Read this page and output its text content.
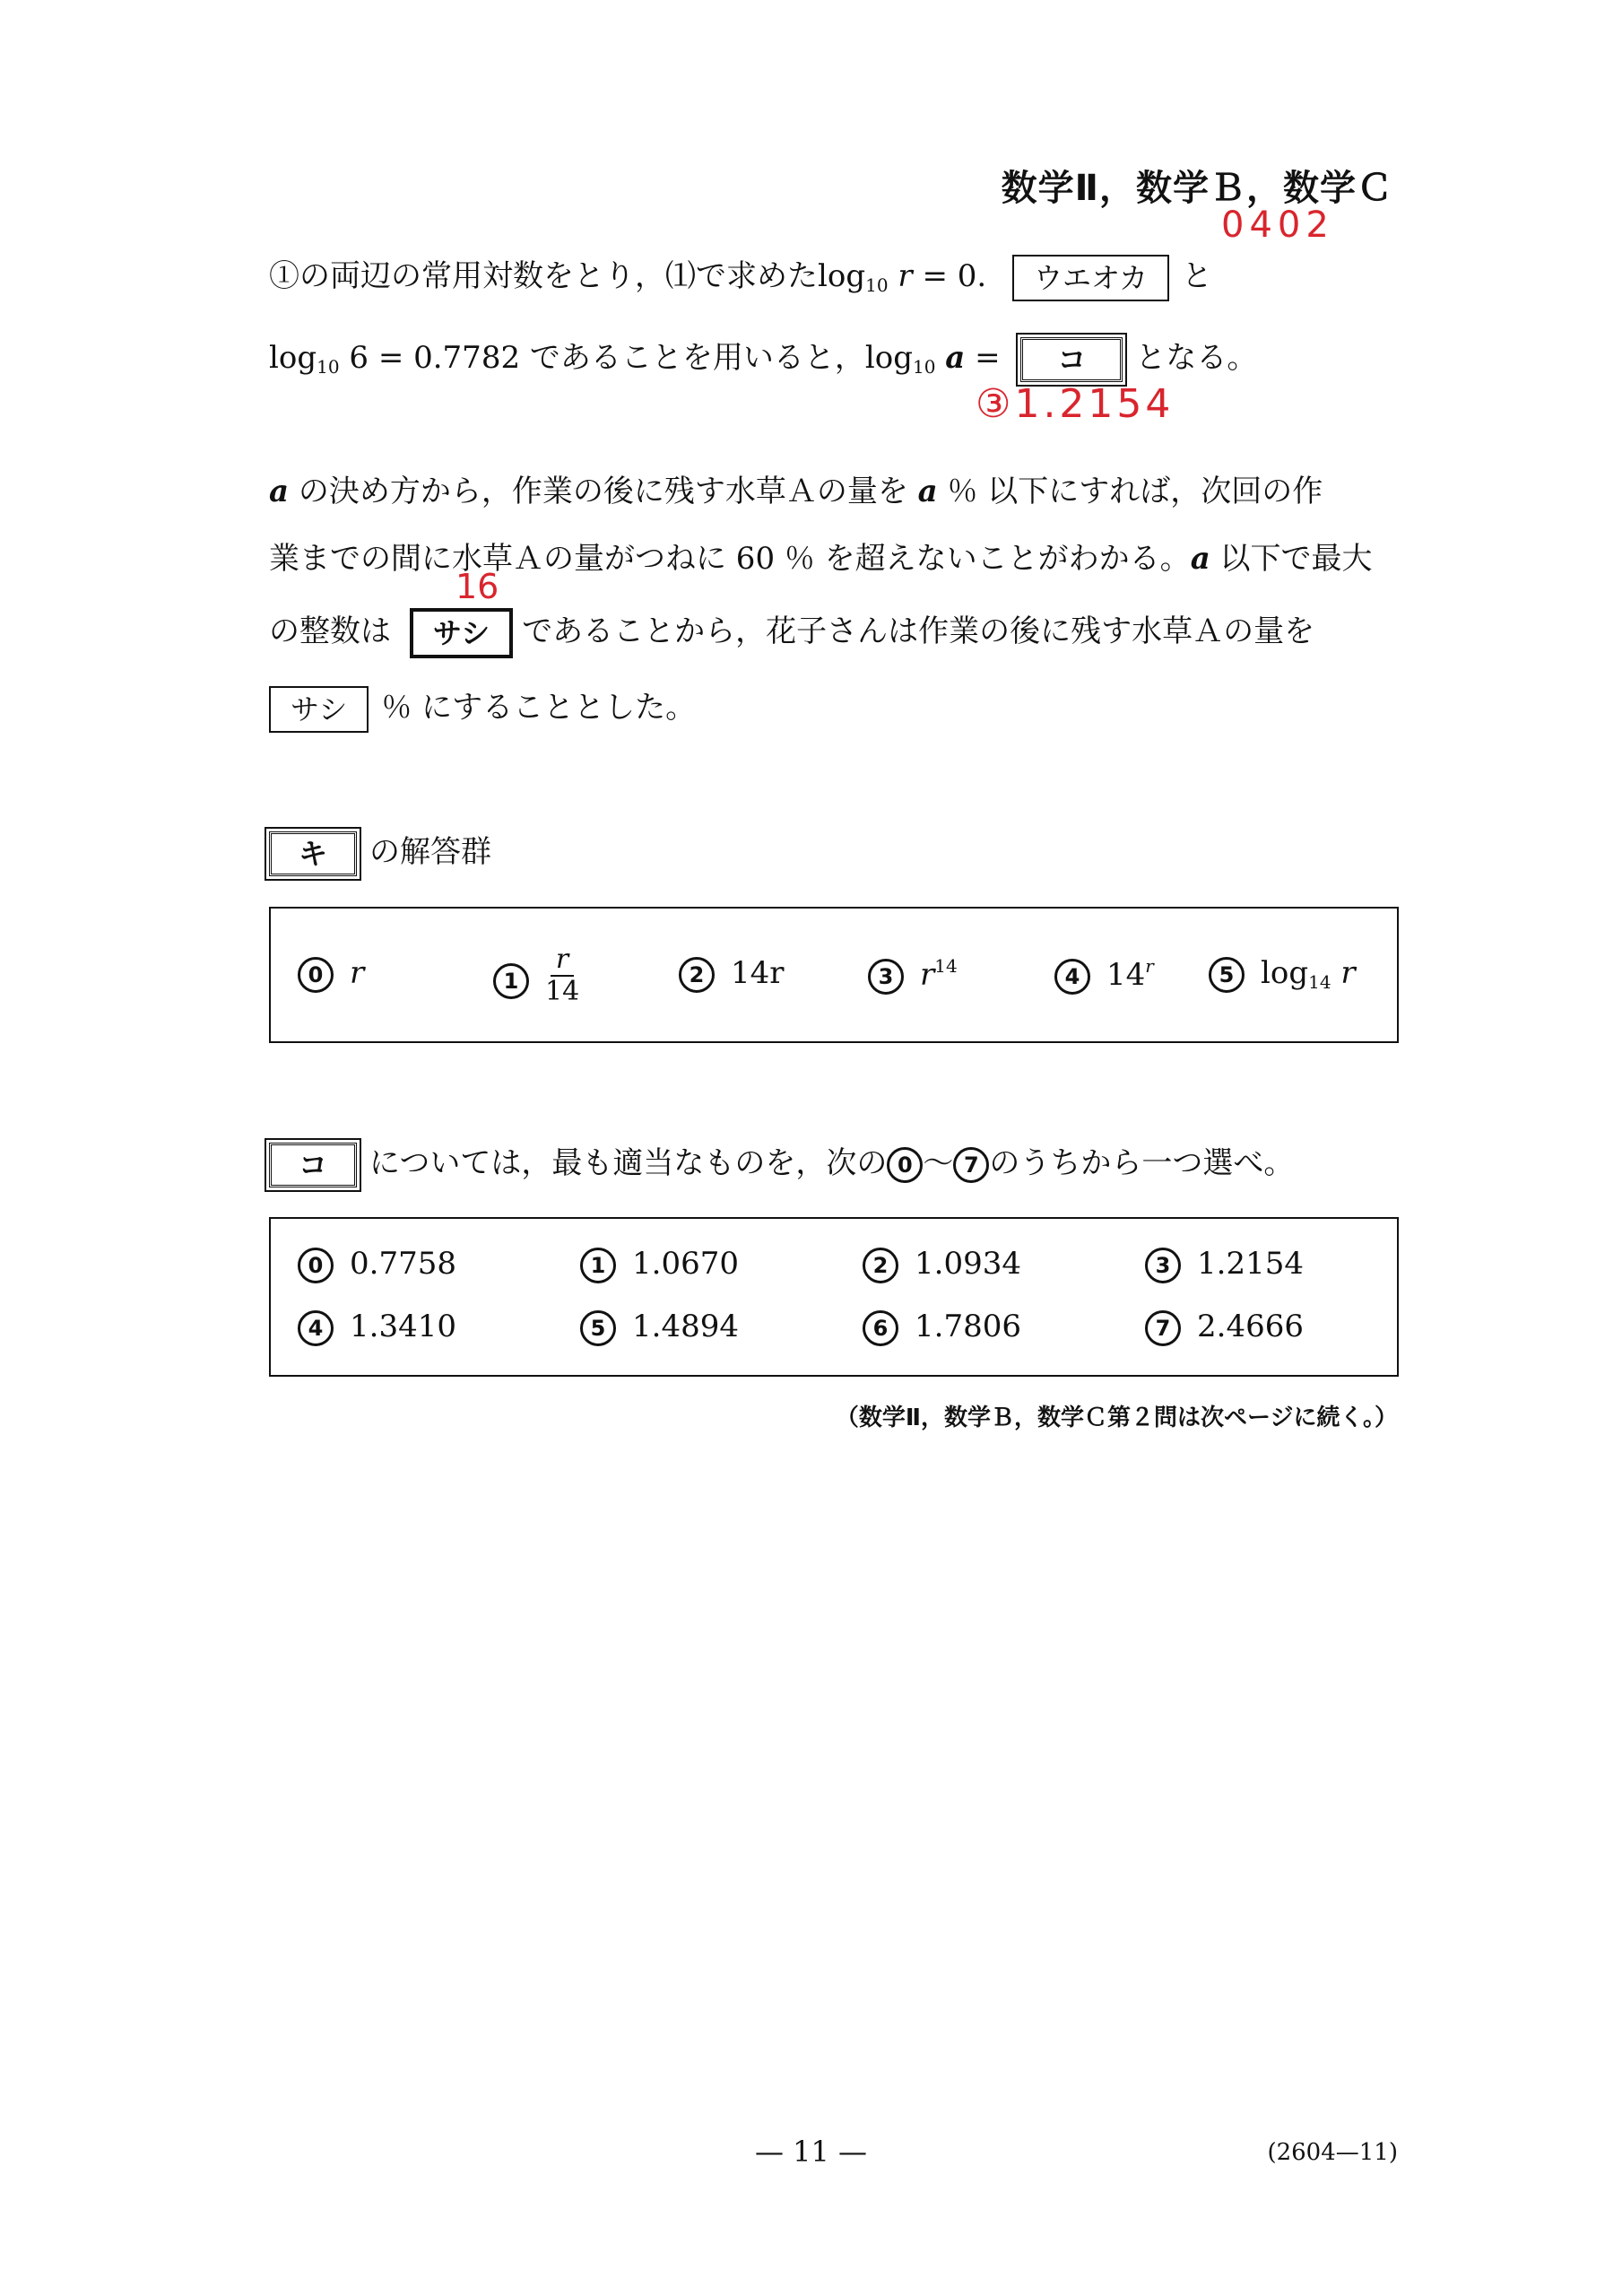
数学Ⅱ，数学Ｂ，数学Ｃ
0402
①の両辺の常用対数をとり，⑴で求めた$\log_{10} r = 0$. ウエオカ と
$\log_{10} 6 = 0.7782$ であることを用いると，$\log_{10} a$ = コ となる。
③1.2154
a の決め方から，作業の後に残す水草Ａの量を a ％ 以下にすれば，次回の作
業までの間に水草Ａの量がつねに 60 ％ を超えないことがわかる。a 以下で最大
16
の整数は サシ であることから，花子さんは作業の後に残す水草Ａの量を
サシ ％ にすることとした。
キ の解答群
0 r	$1 \frac{r}{14}$	2 14r	3 $r^{14}$	4 14$^r$	5 $\log_{14} r$
コ については，最も適当なものを，次の 0 ～ 7 のうちから一つ選べ。
0 0.7758	1 1.0670	2 1.0934	3 1.2154
4 1.3410	5 1.4894	6 1.7806	7 2.4666
（数学Ⅱ，数学Ｂ，数学Ｃ第２問は次ページに続く。）
— 11 —	(2604—11)
